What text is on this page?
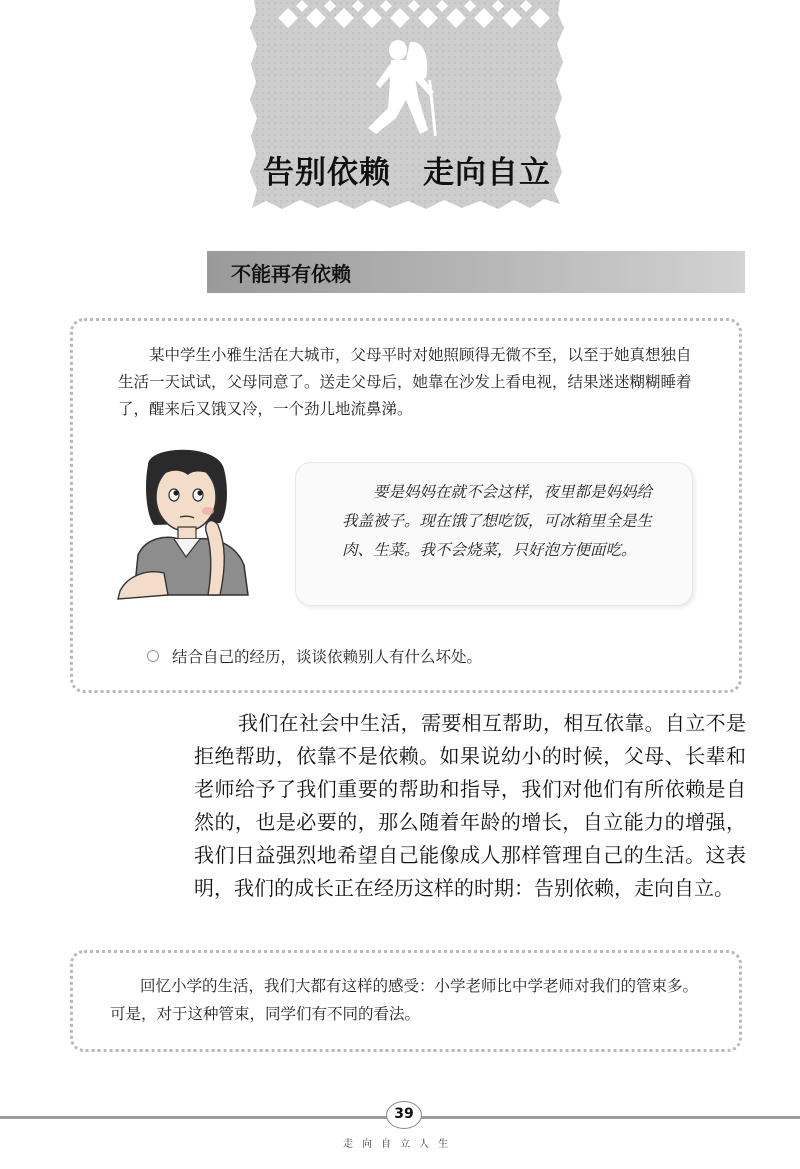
告别依赖　走向自立
不能再有依赖

某中学生小雅生活在大城市，父母平时对她照顾得无微不至，以至于她真想独自生活一天试试，父母同意了。送走父母后，她靠在沙发上看电视，结果迷迷糊糊睡着了，醒来后又饿又冷，一个劲儿地流鼻涕。

要是妈妈在就不会这样，夜里都是妈妈给我盖被子。现在饿了想吃饭，可冰箱里全是生肉、生菜。我不会烧菜，只好泡方便面吃。

结合自己的经历，谈谈依赖别人有什么坏处。

我们在社会中生活，需要相互帮助，相互依靠。自立不是拒绝帮助，依靠不是依赖。如果说幼小的时候，父母、长辈和老师给予了我们重要的帮助和指导，我们对他们有所依赖是自然的，也是必要的，那么随着年龄的增长，自立能力的增强，我们日益强烈地希望自己能像成人那样管理自己的生活。这表明，我们的成长正在经历这样的时期：告别依赖，走向自立。

回忆小学的生活，我们大都有这样的感受：小学老师比中学老师对我们的管束多。可是，对于这种管束，同学们有不同的看法。

39
走向自立人生
